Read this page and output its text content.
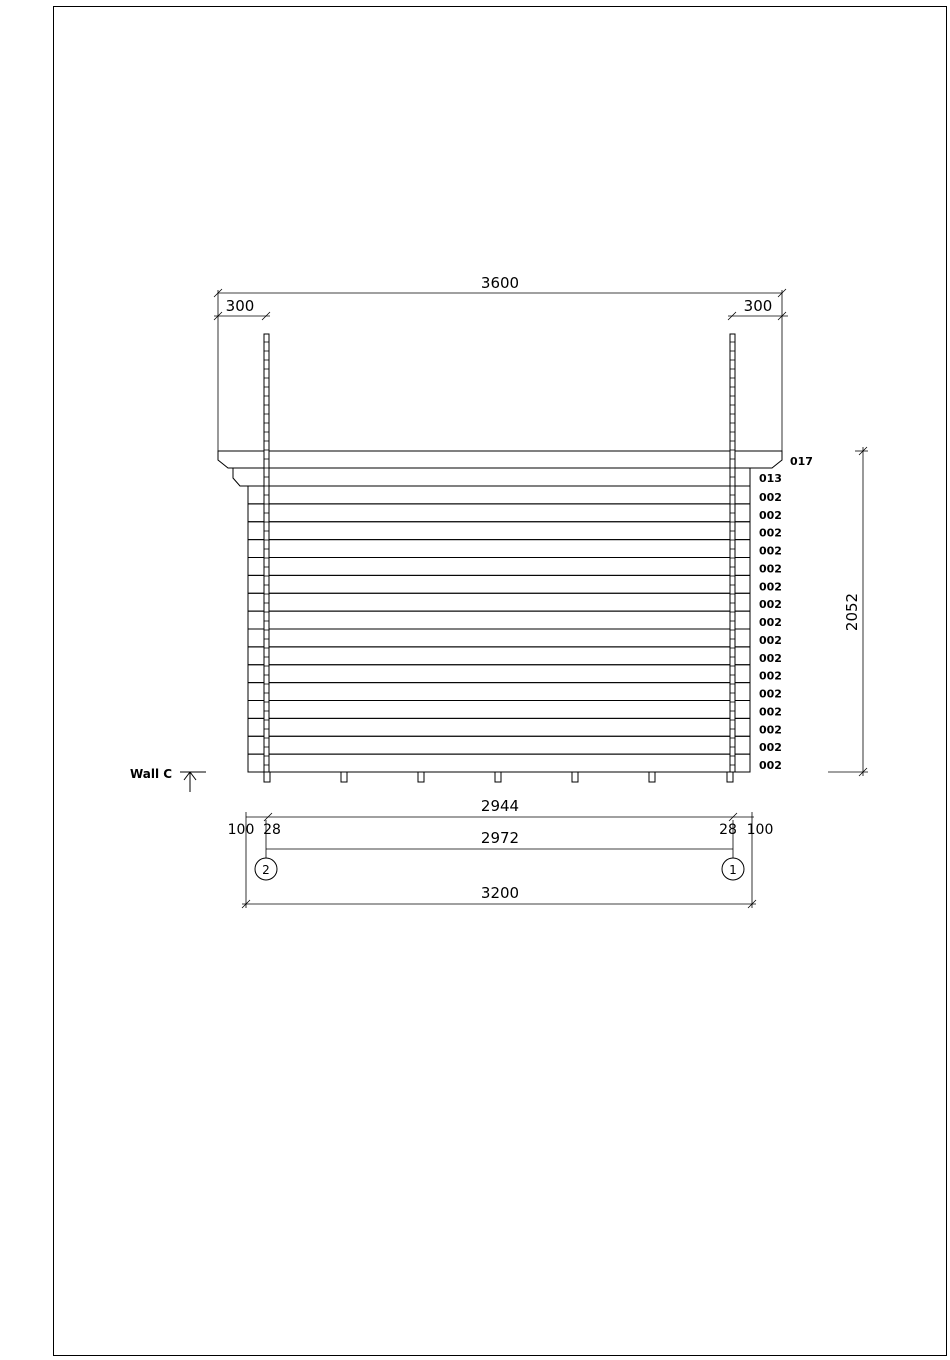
3600
300	300
017
013
002
002
002
002
002
002
002
002
002
002
002
002
002
002
002
002
2052
Wall C
2944
100 28	28 100
2972
2	1
3200
